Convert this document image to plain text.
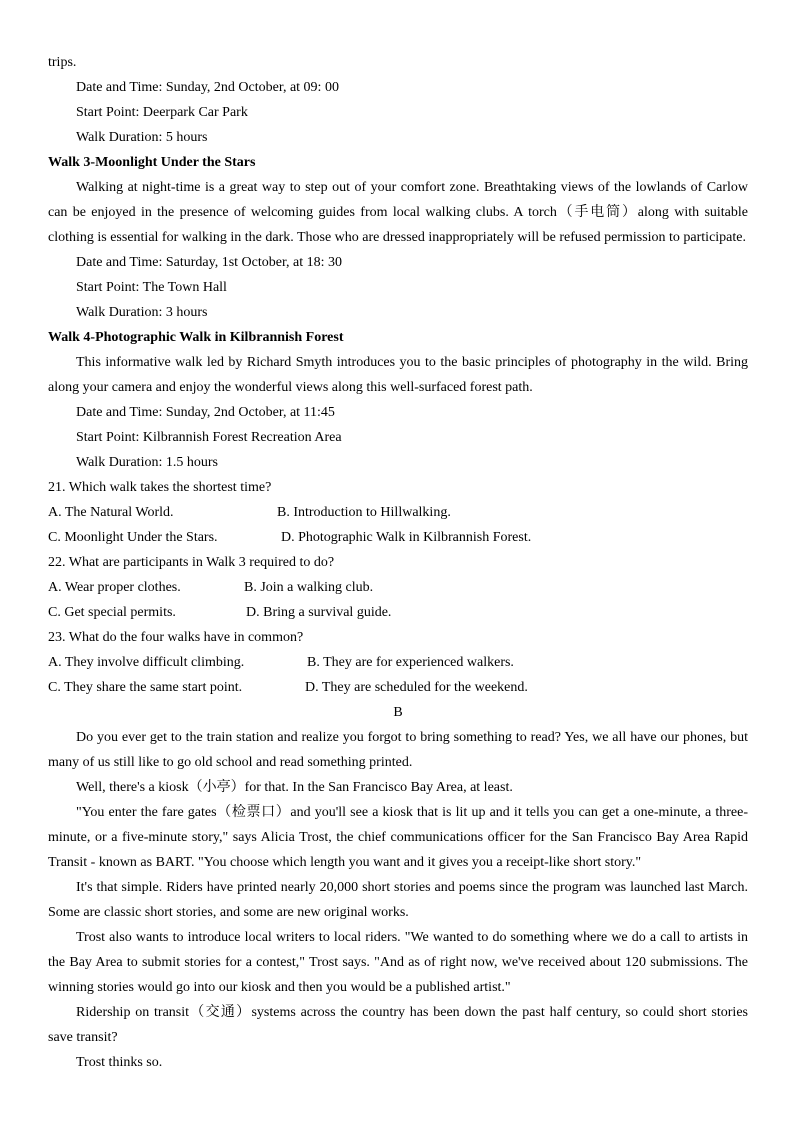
trips.
Date and Time: Sunday, 2nd October, at 09: 00
Start Point: Deerpark Car Park
Walk Duration: 5 hours
Walk 3-Moonlight Under the Stars

Walking at night-time is a great way to step out of your comfort zone. Breathtaking views of the lowlands of Carlow can be enjoyed in the presence of welcoming guides from local walking clubs. A torch（手电筒）along with suitable clothing is essential for walking in the dark. Those who are dressed inappropriately will be refused permission to participate.

Date and Time: Saturday, 1st October, at 18: 30
Start Point: The Town Hall
Walk Duration: 3 hours
Walk 4-Photographic Walk in Kilbrannish Forest

This informative walk led by Richard Smyth introduces you to the basic principles of photography in the wild. Bring along your camera and enjoy the wonderful views along this well-surfaced forest path.

Date and Time: Sunday, 2nd October, at 11:45
Start Point: Kilbrannish Forest Recreation Area
Walk Duration: 1.5 hours
21. Which walk takes the shortest time?
A. The Natural World.	B. Introduction to Hillwalking.
C. Moonlight Under the Stars.	D. Photographic Walk in Kilbrannish Forest.
22. What are participants in Walk 3 required to do?
A. Wear proper clothes.	B. Join a walking club.
C. Get special permits.	D. Bring a survival guide.
23. What do the four walks have in common?
A. They involve difficult climbing.	B. They are for experienced walkers.
C. They share the same start point.	D. They are scheduled for the weekend.
B

Do you ever get to the train station and realize you forgot to bring something to read? Yes, we all have our phones, but many of us still like to go old school and read something printed.

Well, there's a kiosk（小亭）for that. In the San Francisco Bay Area, at least.

"You enter the fare gates（检票口）and you'll see a kiosk that is lit up and it tells you can get a one-minute, a three-minute, or a five-minute story," says Alicia Trost, the chief communications officer for the San Francisco Bay Area Rapid Transit - known as BART. "You choose which length you want and it gives you a receipt-like short story."

It's that simple. Riders have printed nearly 20,000 short stories and poems since the program was launched last March. Some are classic short stories, and some are new original works.

Trost also wants to introduce local writers to local riders. "We wanted to do something where we do a call to artists in the Bay Area to submit stories for a contest," Trost says. "And as of right now, we've received about 120 submissions. The winning stories would go into our kiosk and then you would be a published artist."

Ridership on transit（交通）systems across the country has been down the past half century, so could short stories save transit?

Trost thinks so.
